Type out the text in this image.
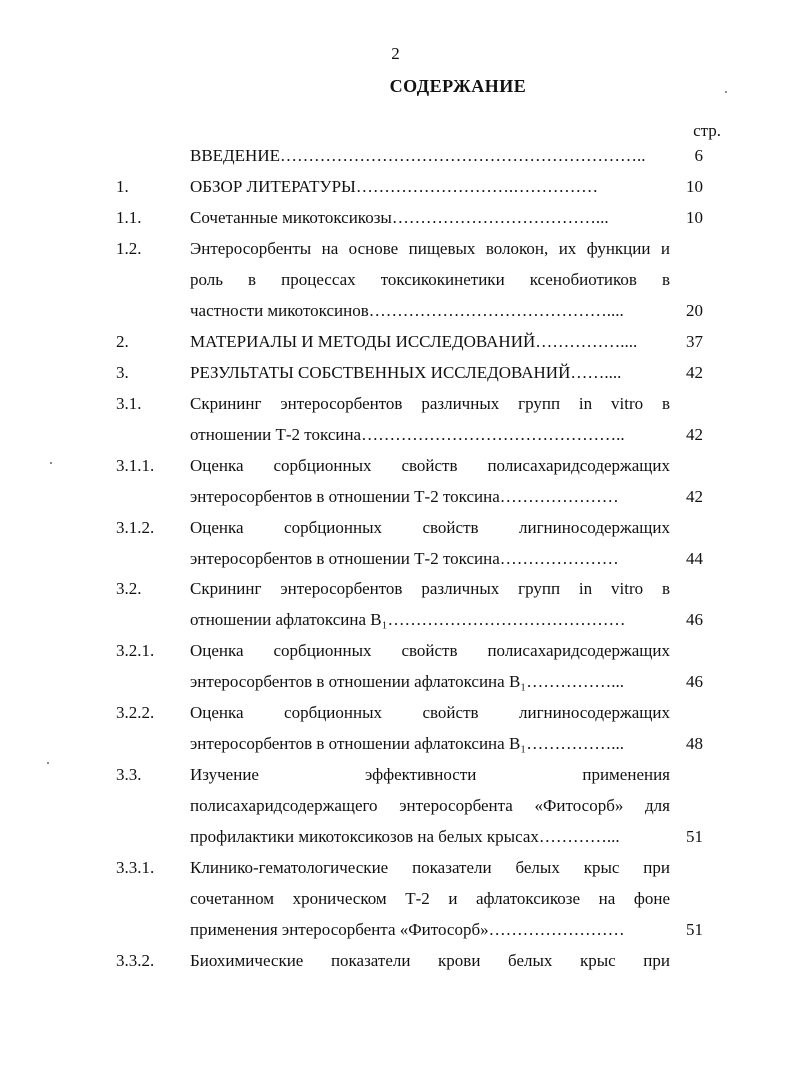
2
СОДЕРЖАНИЕ
стр.
ВВЕДЕНИЕ………………………………………………………..	6
1.	ОБЗОР ЛИТЕРАТУРЫ……………………….……………	10
1.1.	Сочетанные микотоксикозы………………………………...	10
1.2.	Энтеросорбенты на основе пищевых волокон, их функции и
роль в процессах токсикокинетики ксенобиотиков в
частности микотоксинов……………………………………....	20
2.	МАТЕРИАЛЫ И МЕТОДЫ ИССЛЕДОВАНИЙ……………....	37
3.	РЕЗУЛЬТАТЫ СОБСТВЕННЫХ ИССЛЕДОВАНИЙ……....	42
3.1.	Скрининг энтеросорбентов различных групп in vitro в
отношении Т-2 токсина………………………………………..	42
3.1.1. Оценка сорбционных свойств полисахаридсодержащих
энтеросорбентов в отношении Т-2 токсина…………………	42
3.1.2. Оценка сорбционных свойств лигниносодержащих
энтеросорбентов в отношении Т-2 токсина…………………	44
3.2.	Скрининг энтеросорбентов различных групп in vitro в
отношении афлатоксина В₁……………………………………	46
3.2.1. Оценка сорбционных свойств полисахаридсодержащих
энтеросорбентов в отношении афлатоксина В₁……………...	46
3.2.2. Оценка сорбционных свойств лигниносодержащих
энтеросорбентов в отношении афлатоксина В₁……………...	48
3.3.	Изучение эффективности применения
полисахаридсодержащего энтеросорбента «Фитосорб» для
профилактики микотоксикозов на белых крысах…………...	51
3.3.1. Клинико-гематологические показатели белых крыс при
сочетанном хроническом Т-2 и афлатоксикозе на фоне
применения энтеросорбента «Фитосорб»……………………	51
3.3.2. Биохимические показатели крови белых крыс при
